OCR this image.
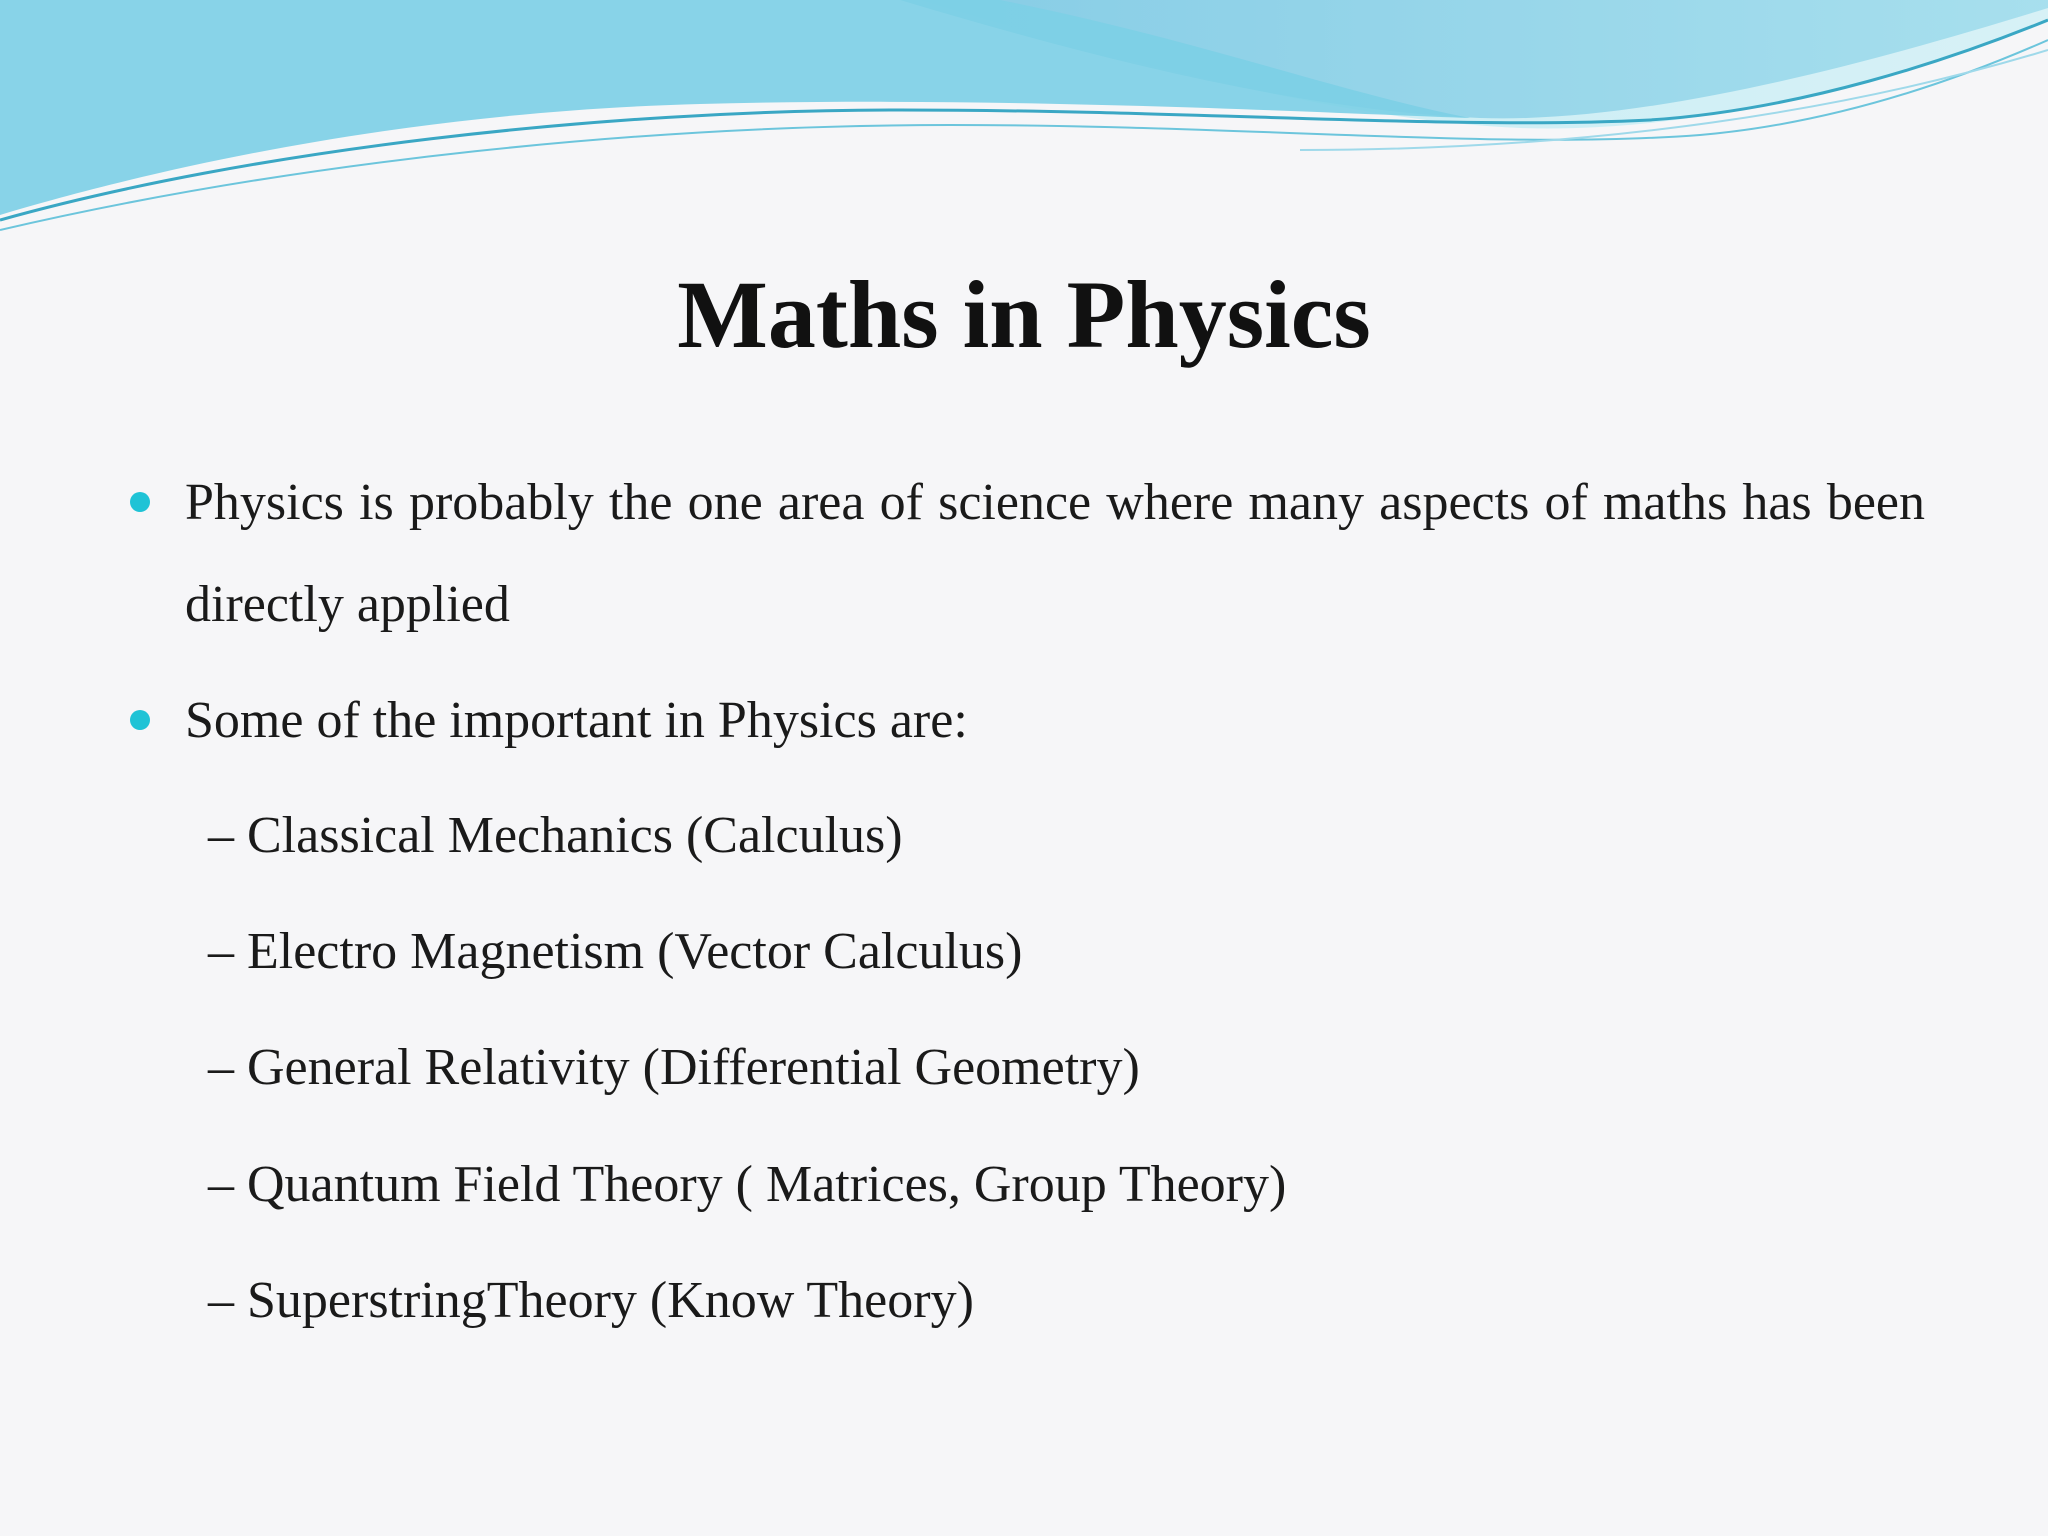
Maths in Physics
Physics is probably the one area of science where many aspects of maths has been directly applied
Some of the important in Physics are:
– Classical Mechanics (Calculus)
– Electro Magnetism (Vector Calculus)
– General Relativity (Differential Geometry)
– Quantum Field Theory ( Matrices, Group Theory)
– SuperstringTheory (Know Theory)
